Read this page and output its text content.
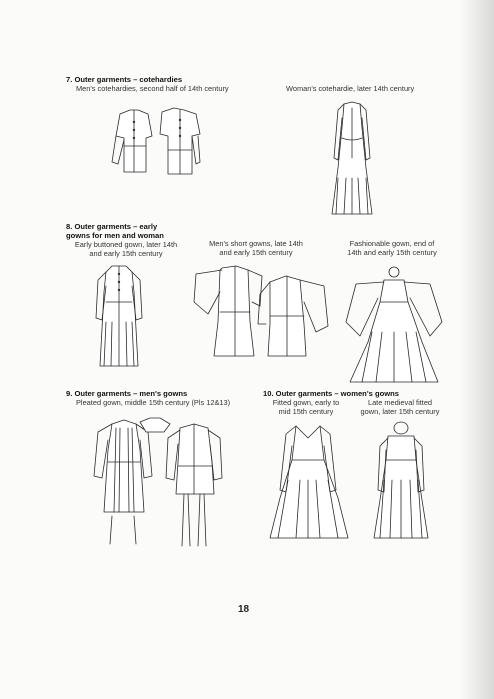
7. Outer garments – cotehardies
Men's cotehardies, second half of 14th century	Woman's cotehardie, later 14th century
8. Outer garments – early
gowns for men and woman
Early buttoned gown, later 14th
and early 15th century
Men's short gowns, late 14th
and early 15th century
Fashionable gown, end of
14th and early 15th century
9. Outer garments – men's gowns
Pleated gown, middle 15th century (Pls 12&13)
10. Outer garments – women's gowns
Fitted gown, early to
mid 15th century
Late medieval fitted
gown, later 15th century
18
